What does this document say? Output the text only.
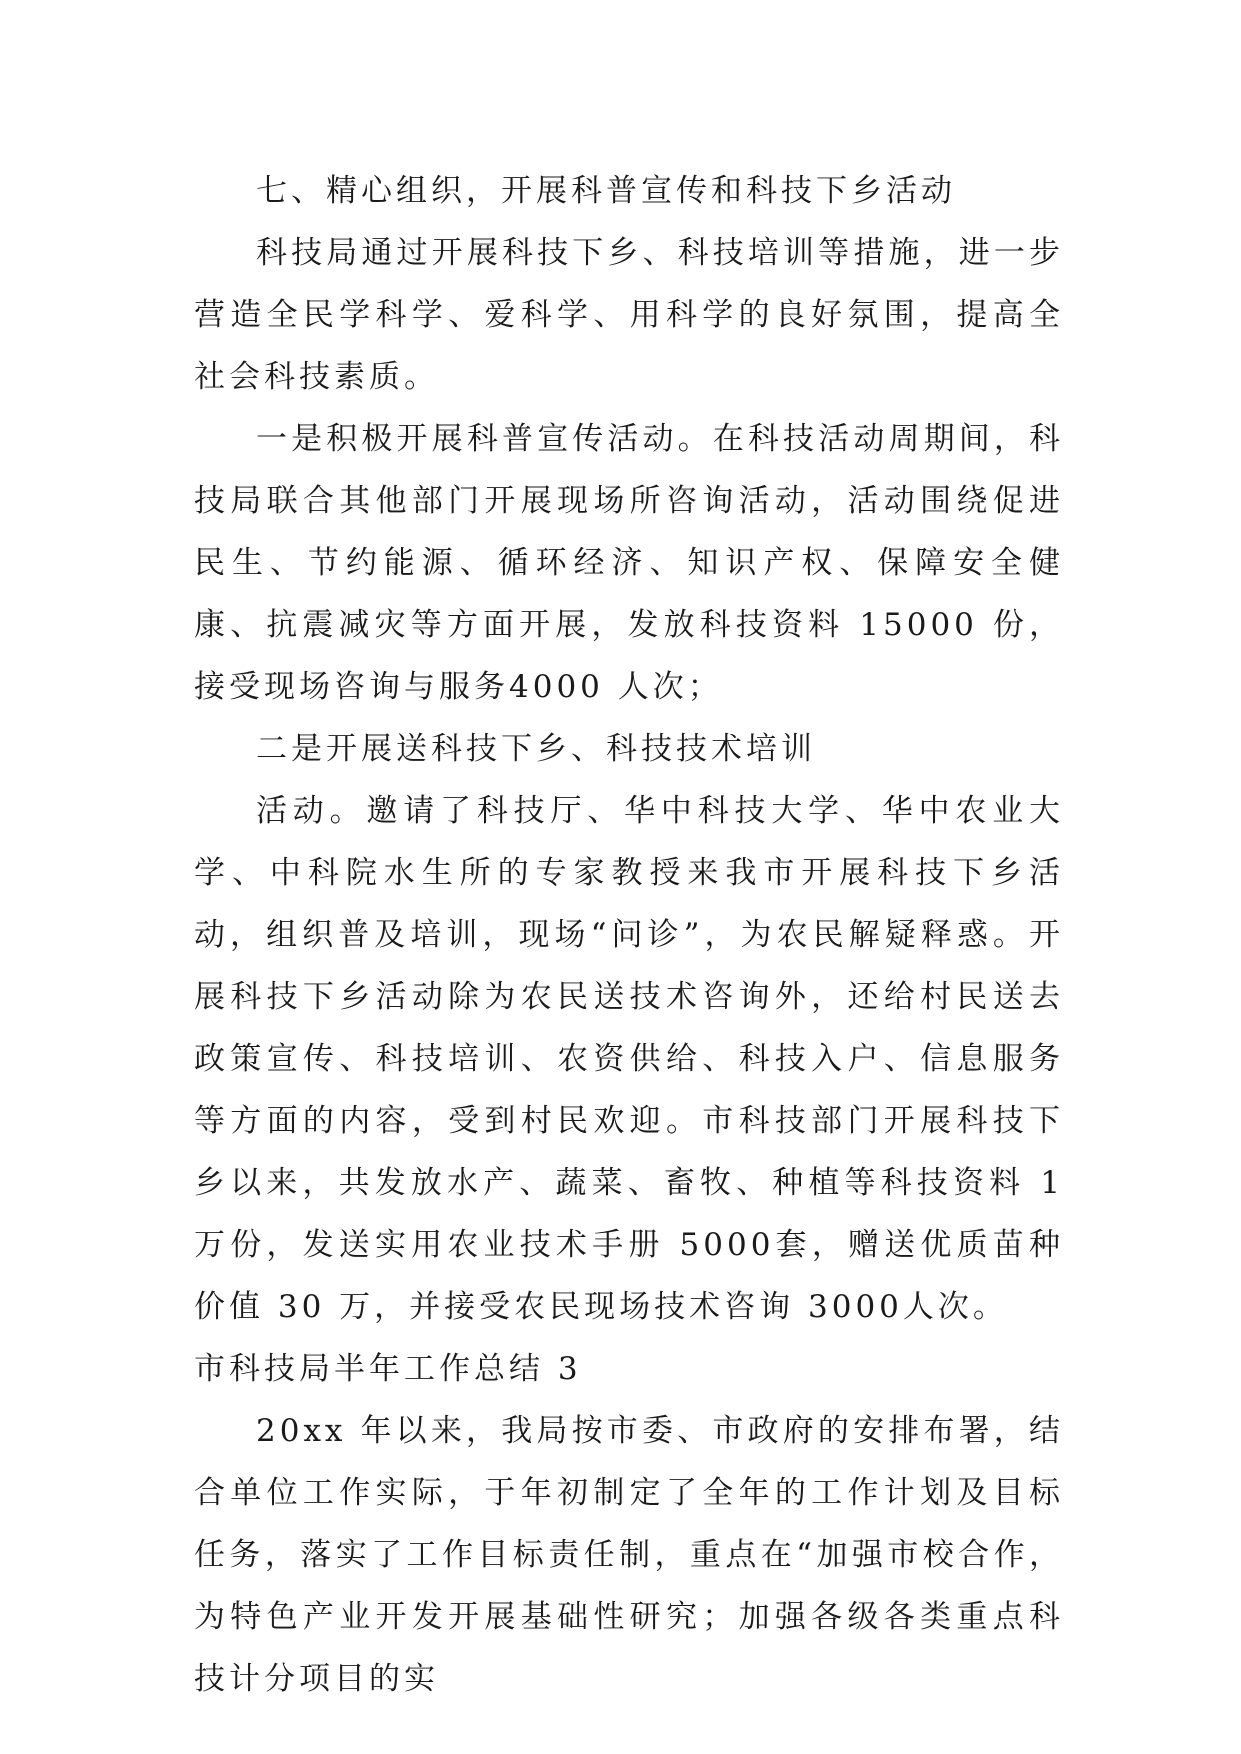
七、精心组织，开展科普宣传和科技下乡活动

科技局通过开展科技下乡、科技培训等措施，进一步营造全民学科学、爱科学、用科学的良好氛围，提高全社会科技素质。

一是积极开展科普宣传活动。在科技活动周期间，科技局联合其他部门开展现场所咨询活动，活动围绕促进民生、节约能源、循环经济、知识产权、保障安全健康、抗震减灾等方面开展，发放科技资料 15000 份，接受现场咨询与服务4000 人次；

二是开展送科技下乡、科技技术培训

活动。邀请了科技厅、华中科技大学、华中农业大学、中科院水生所的专家教授来我市开展科技下乡活动，组织普及培训，现场“问诊”，为农民解疑释惑。开展科技下乡活动除为农民送技术咨询外，还给村民送去政策宣传、科技培训、农资供给、科技入户、信息服务等方面的内容，受到村民欢迎。市科技部门开展科技下乡以来，共发放水产、蔬菜、畜牧、种植等科技资料 1 万份，发送实用农业技术手册 5000套，赠送优质苗种价值 30 万，并接受农民现场技术咨询 3000人次。

市科技局半年工作总结 3

20xx 年以来，我局按市委、市政府的安排布署，结合单位工作实际，于年初制定了全年的工作计划及目标任务，落实了工作目标责任制，重点在“加强市校合作，为特色产业开发开展基础性研究；加强各级各类重点科技计分项目的实
